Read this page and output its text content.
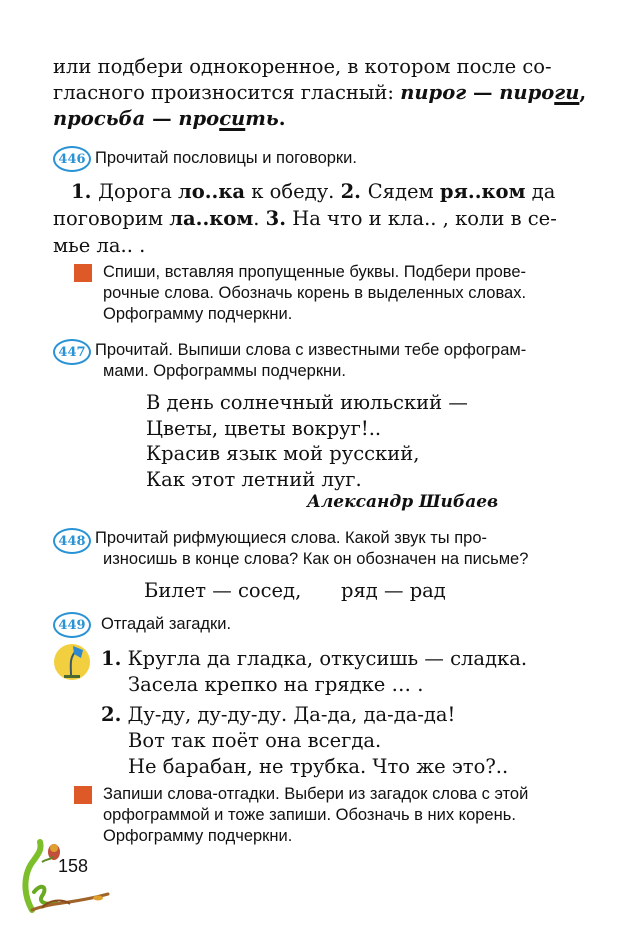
или подбери однокоренное, в котором после со-
гласного произносится гласный: пирог — пироги,
просьба — просить.
446 Прочитай пословицы и поговорки.
1. Дорога ло..ка к обеду. 2. Сядем ря..ком да
поговорим ла..ком. 3. На что и кла.. , коли в се-
мье ла.. .
Спиши, вставляя пропущенные буквы. Подбери прове-
рочные слова. Обозначь корень в выделенных словах.
Орфограмму подчеркни.
447 Прочитай. Выпиши слова с известными тебе орфограм-
мами. Орфограммы подчеркни.
В день солнечный июльский —
Цветы, цветы вокруг!..
Красив язык мой русский,
Как этот летний луг.
Александр Шибаев
448 Прочитай рифмующиеся слова. Какой звук ты про-
износишь в конце слова? Как он обозначен на письме?
Билет — сосед, ряд — рад
449 Отгадай загадки.
1. Кругла да гладка, откусишь — сладка.
Засела крепко на грядке … .
2. Ду-ду, ду-ду-ду. Да-да, да-да-да!
Вот так поёт она всегда.
Не барабан, не трубка. Что же это?..
Запиши слова-отгадки. Выбери из загадок слова с этой
орфограммой и тоже запиши. Обозначь в них корень.
Орфограмму подчеркни.
158
